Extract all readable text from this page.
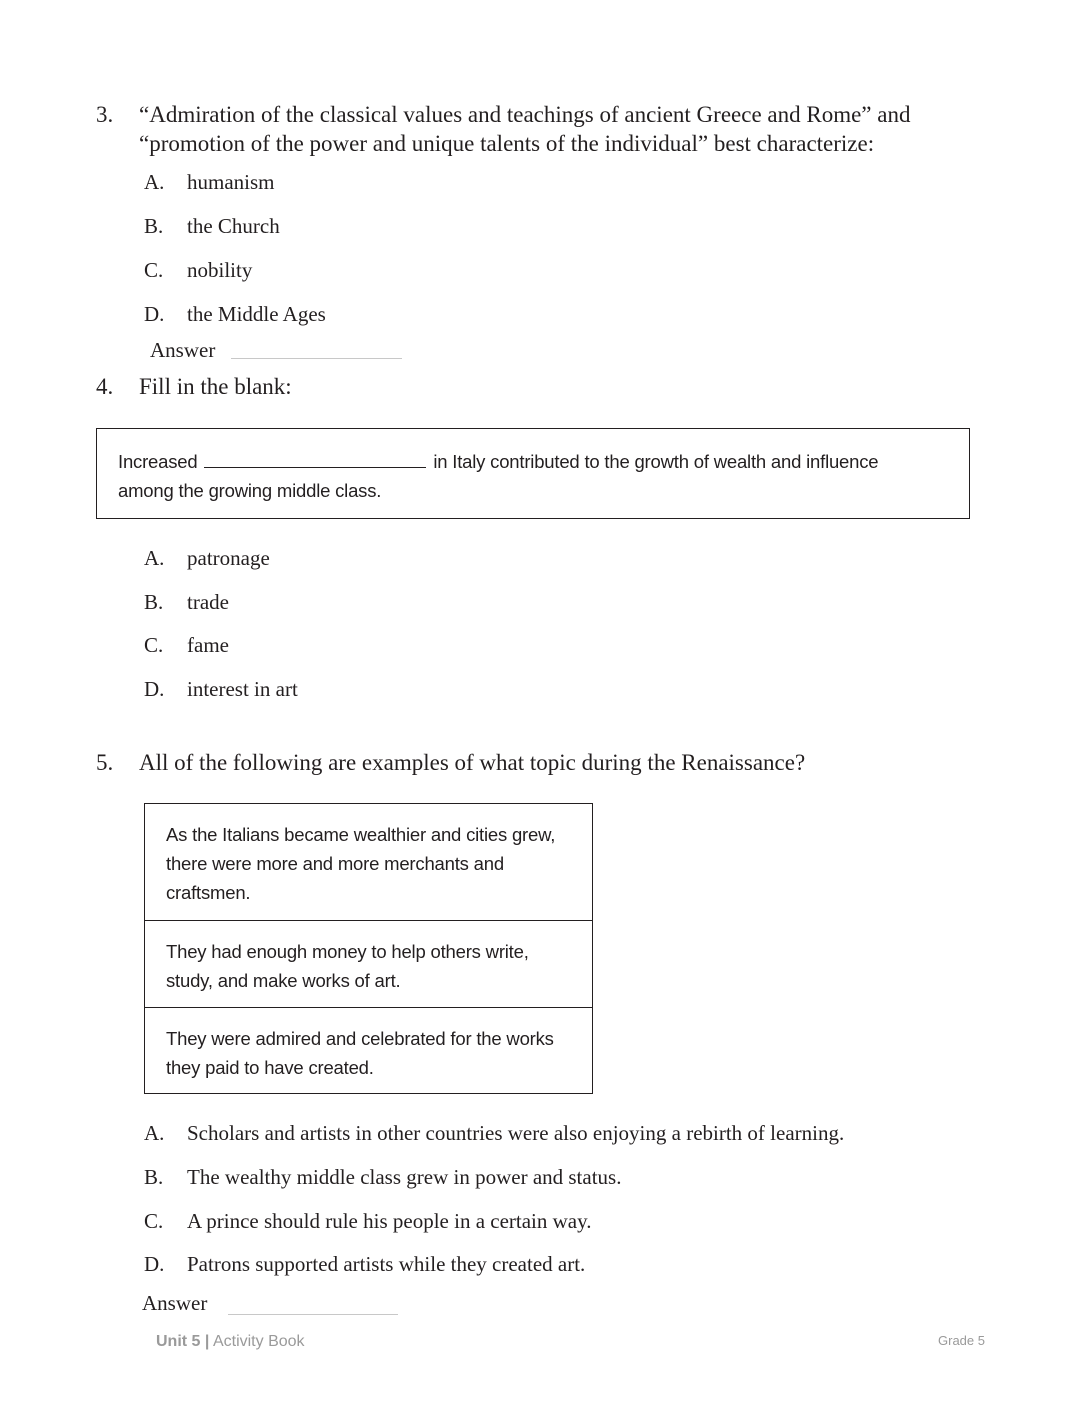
3. “Admiration of the classical values and teachings of ancient Greece and Rome” and “promotion of the power and unique talents of the individual” best characterize:
A. humanism
B. the Church
C. nobility
D. the Middle Ages
Answer
4. Fill in the blank:
Increased	in Italy contributed to the growth of wealth and influence
among the growing middle class.
A. patronage
B. trade
C. fame
D. interest in art
5. All of the following are examples of what topic during the Renaissance?
As the Italians became wealthier and cities grew, there were more and more merchants and craftsmen.
They had enough money to help others write, study, and make works of art.
They were admired and celebrated for the works they paid to have created.
A. Scholars and artists in other countries were also enjoying a rebirth of learning.
B. The wealthy middle class grew in power and status.
C. A prince should rule his people in a certain way.
D. Patrons supported artists while they created art.
Answer
Unit 5 | Activity Book	Grade 5
